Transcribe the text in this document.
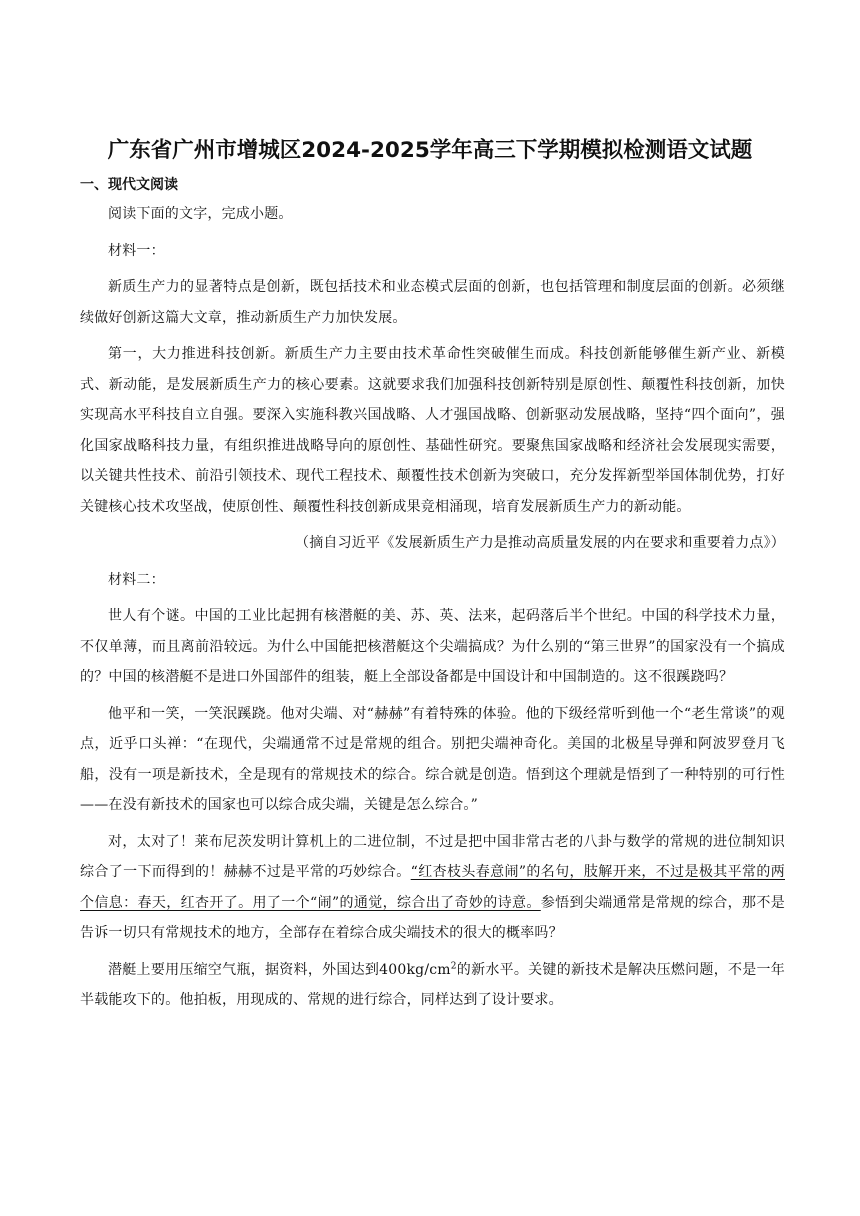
广东省广州市增城区2024-2025学年高三下学期模拟检测语文试题
一、现代文阅读

阅读下面的文字，完成小题。

材料一：

新质生产力的显著特点是创新，既包括技术和业态模式层面的创新，也包括管理和制度层面的创新。必须继续做好创新这篇大文章，推动新质生产力加快发展。

第一，大力推进科技创新。新质生产力主要由技术革命性突破催生而成。科技创新能够催生新产业、新模式、新动能，是发展新质生产力的核心要素。这就要求我们加强科技创新特别是原创性、颠覆性科技创新，加快实现高水平科技自立自强。要深入实施科教兴国战略、人才强国战略、创新驱动发展战略，坚持“四个面向”，强化国家战略科技力量，有组织推进战略导向的原创性、基础性研究。要聚焦国家战略和经济社会发展现实需要，以关键共性技术、前沿引领技术、现代工程技术、颠覆性技术创新为突破口，充分发挥新型举国体制优势，打好关键核心技术攻坚战，使原创性、颠覆性科技创新成果竞相涌现，培育发展新质生产力的新动能。

（摘自习近平《发展新质生产力是推动高质量发展的内在要求和重要着力点》）

材料二：

世人有个谜。中国的工业比起拥有核潜艇的美、苏、英、法来，起码落后半个世纪。中国的科学技术力量，不仅单薄，而且离前沿较远。为什么中国能把核潜艇这个尖端搞成？为什么别的“第三世界”的国家没有一个搞成的？中国的核潜艇不是进口外国部件的组装，艇上全部设备都是中国设计和中国制造的。这不很蹊跷吗？

他平和一笑，一笑泯蹊跷。他对尖端、对“赫赫”有着特殊的体验。他的下级经常听到他一个“老生常谈”的观点，近乎口头禅：“在现代，尖端通常不过是常规的组合。别把尖端神奇化。美国的北极星导弹和阿波罗登月飞船，没有一项是新技术，全是现有的常规技术的综合。综合就是创造。悟到这个理就是悟到了一种特别的可行性——在没有新技术的国家也可以综合成尖端，关键是怎么综合。”

对，太对了！莱布尼茨发明计算机上的二进位制，不过是把中国非常古老的八卦与数学的常规的进位制知识综合了一下而得到的！赫赫不过是平常的巧妙综合。“红杏枝头春意闹”的名句，肢解开来，不过是极其平常的两个信息：春天，红杏开了。用了一个“闹”的通觉，综合出了奇妙的诗意。参悟到尖端通常是常规的综合，那不是告诉一切只有常规技术的地方，全部存在着综合成尖端技术的很大的概率吗？

潜艇上要用压缩空气瓶，据资料，外国达到$400kg/cm^2$的新水平。关键的新技术是解决压燃问题，不是一年半载能攻下的。他拍板，用现成的、常规的进行综合，同样达到了设计要求。
